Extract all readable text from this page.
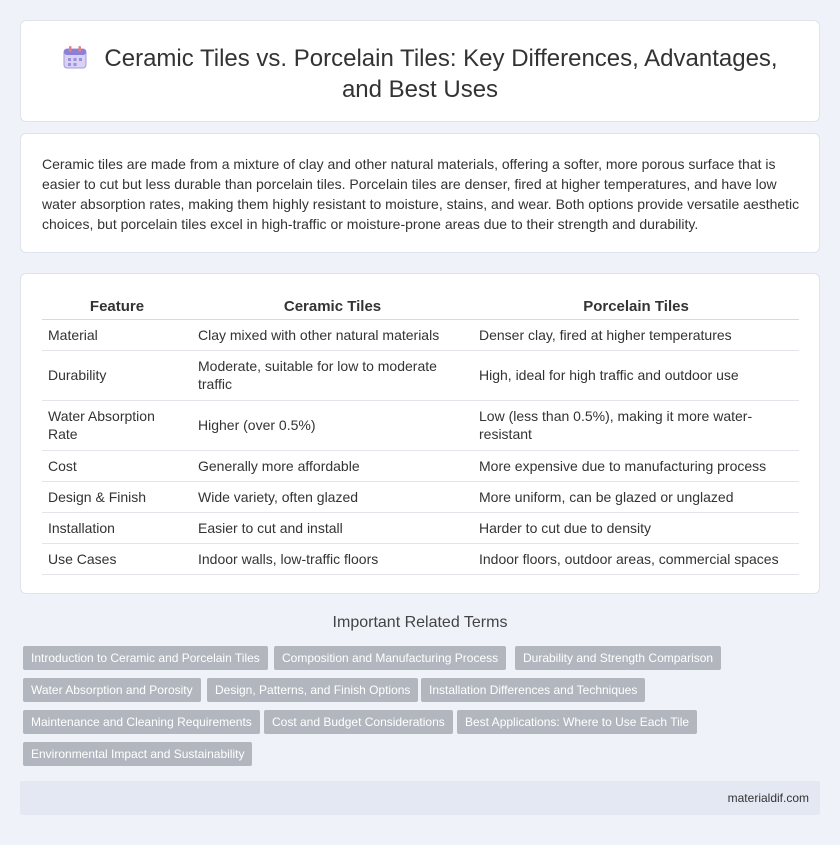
Ceramic Tiles vs. Porcelain Tiles: Key Differences, Advantages,
and Best Uses

Ceramic tiles are made from a mixture of clay and other natural materials, offering a softer, more porous surface that is easier to cut but less durable than porcelain tiles. Porcelain tiles are denser, fired at higher temperatures, and have low water absorption rates, making them highly resistant to moisture, stains, and wear. Both options provide versatile aesthetic choices, but porcelain tiles excel in high-traffic or moisture-prone areas due to their strength and durability.

Feature	Ceramic Tiles	Porcelain Tiles
Material	Clay mixed with other natural materials	Denser clay, fired at higher temperatures
Durability	Moderate, suitable for low to moderate traffic	High, ideal for high traffic and outdoor use
Water Absorption Rate	Higher (over 0.5%)	Low (less than 0.5%), making it more water-resistant
Cost	Generally more affordable	More expensive due to manufacturing process
Design & Finish	Wide variety, often glazed	More uniform, can be glazed or unglazed
Installation	Easier to cut and install	Harder to cut due to density
Use Cases	Indoor walls, low-traffic floors	Indoor floors, outdoor areas, commercial spaces
Important Related Terms
Introduction to Ceramic and Porcelain Tiles	Composition and Manufacturing Process	Durability and Strength Comparison
Water Absorption and Porosity	Design, Patterns, and Finish Options	Installation Differences and Techniques
Maintenance and Cleaning Requirements	Cost and Budget Considerations	Best Applications: Where to Use Each Tile
Environmental Impact and Sustainability
materialdif.com
